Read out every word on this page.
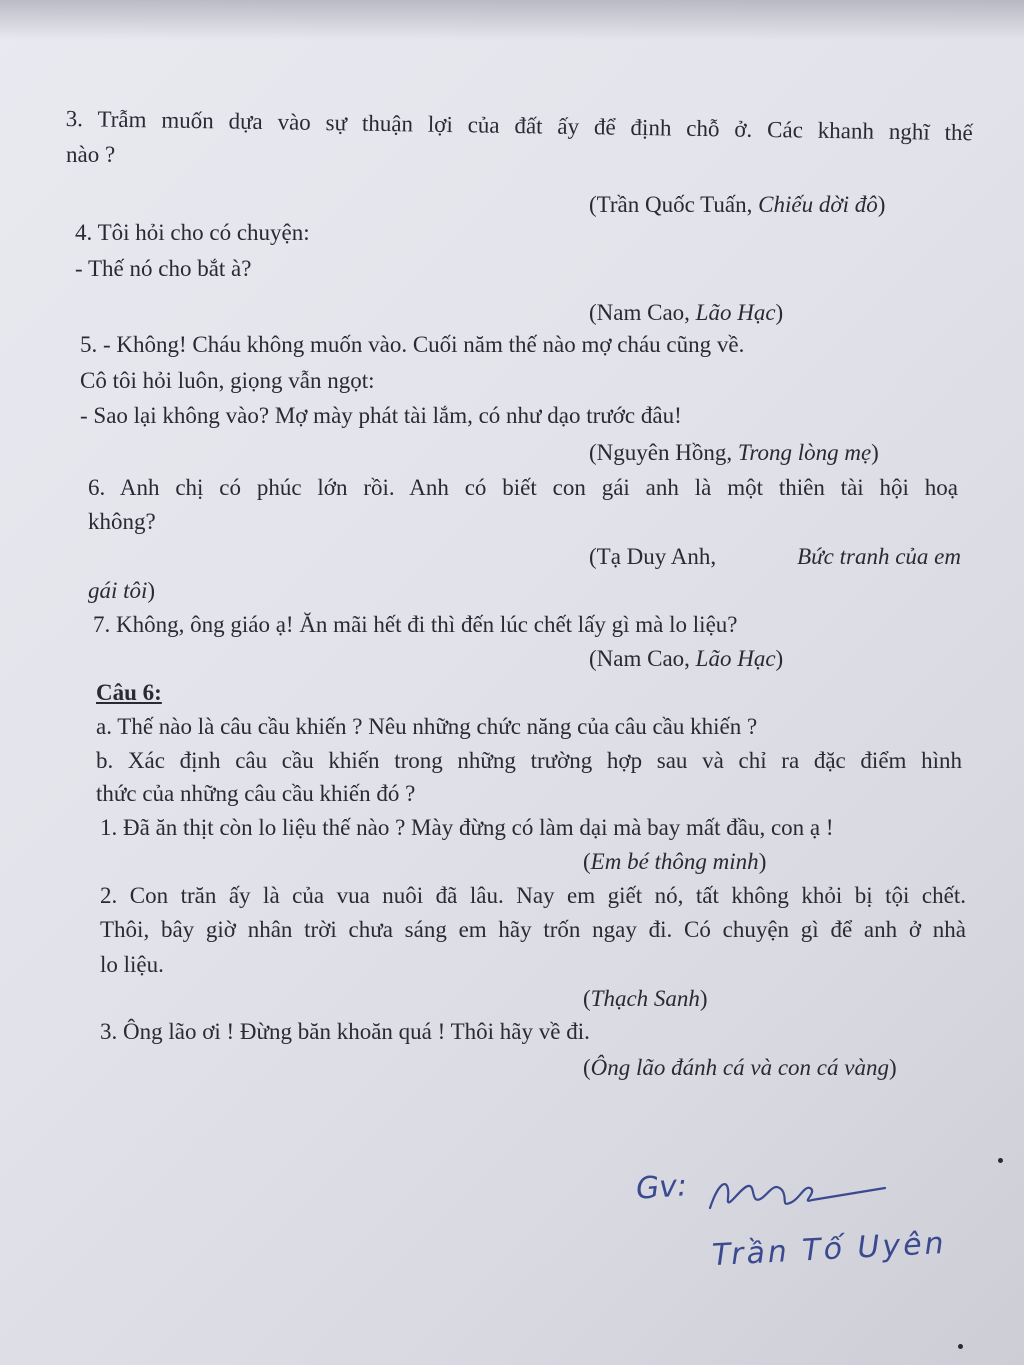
3. Trẫm muốn dựa vào sự thuận lợi của đất ấy để định chỗ ở. Các khanh nghĩ thế
nào ?
(Trần Quốc Tuấn, Chiếu dời đô)
4. Tôi hỏi cho có chuyện:
- Thế nó cho bắt à?
(Nam Cao, Lão Hạc)
5. - Không! Cháu không muốn vào. Cuối năm thế nào mợ cháu cũng về.
Cô tôi hỏi luôn, giọng vẫn ngọt:
- Sao lại không vào? Mợ mày phát tài lắm, có như dạo trước đâu!
(Nguyên Hồng, Trong lòng mẹ)
6. Anh chị có phúc lớn rồi. Anh có biết con gái anh là một thiên tài hội hoạ
không?
(Tạ Duy Anh,	Bức tranh của em
gái tôi)
7. Không, ông giáo ạ! Ăn mãi hết đi thì đến lúc chết lấy gì mà lo liệu?
(Nam Cao, Lão Hạc)
Câu 6:
a. Thế nào là câu cầu khiến ? Nêu những chức năng của câu cầu khiến ?
b. Xác định câu cầu khiến trong những trường hợp sau và chỉ ra đặc điểm hình
thức của những câu cầu khiến đó ?
1. Đã ăn thịt còn lo liệu thế nào ? Mày đừng có làm dại mà bay mất đầu, con ạ !
(Em bé thông minh)
2. Con trăn ấy là của vua nuôi đã lâu. Nay em giết nó, tất không khỏi bị tội chết.
Thôi, bây giờ nhân trời chưa sáng em hãy trốn ngay đi. Có chuyện gì để anh ở nhà
lo liệu.
(Thạch Sanh)
3. Ông lão ơi ! Đừng băn khoăn quá ! Thôi hãy về đi.
(Ông lão đánh cá và con cá vàng)
Gv:
Trần Tố Uyên
